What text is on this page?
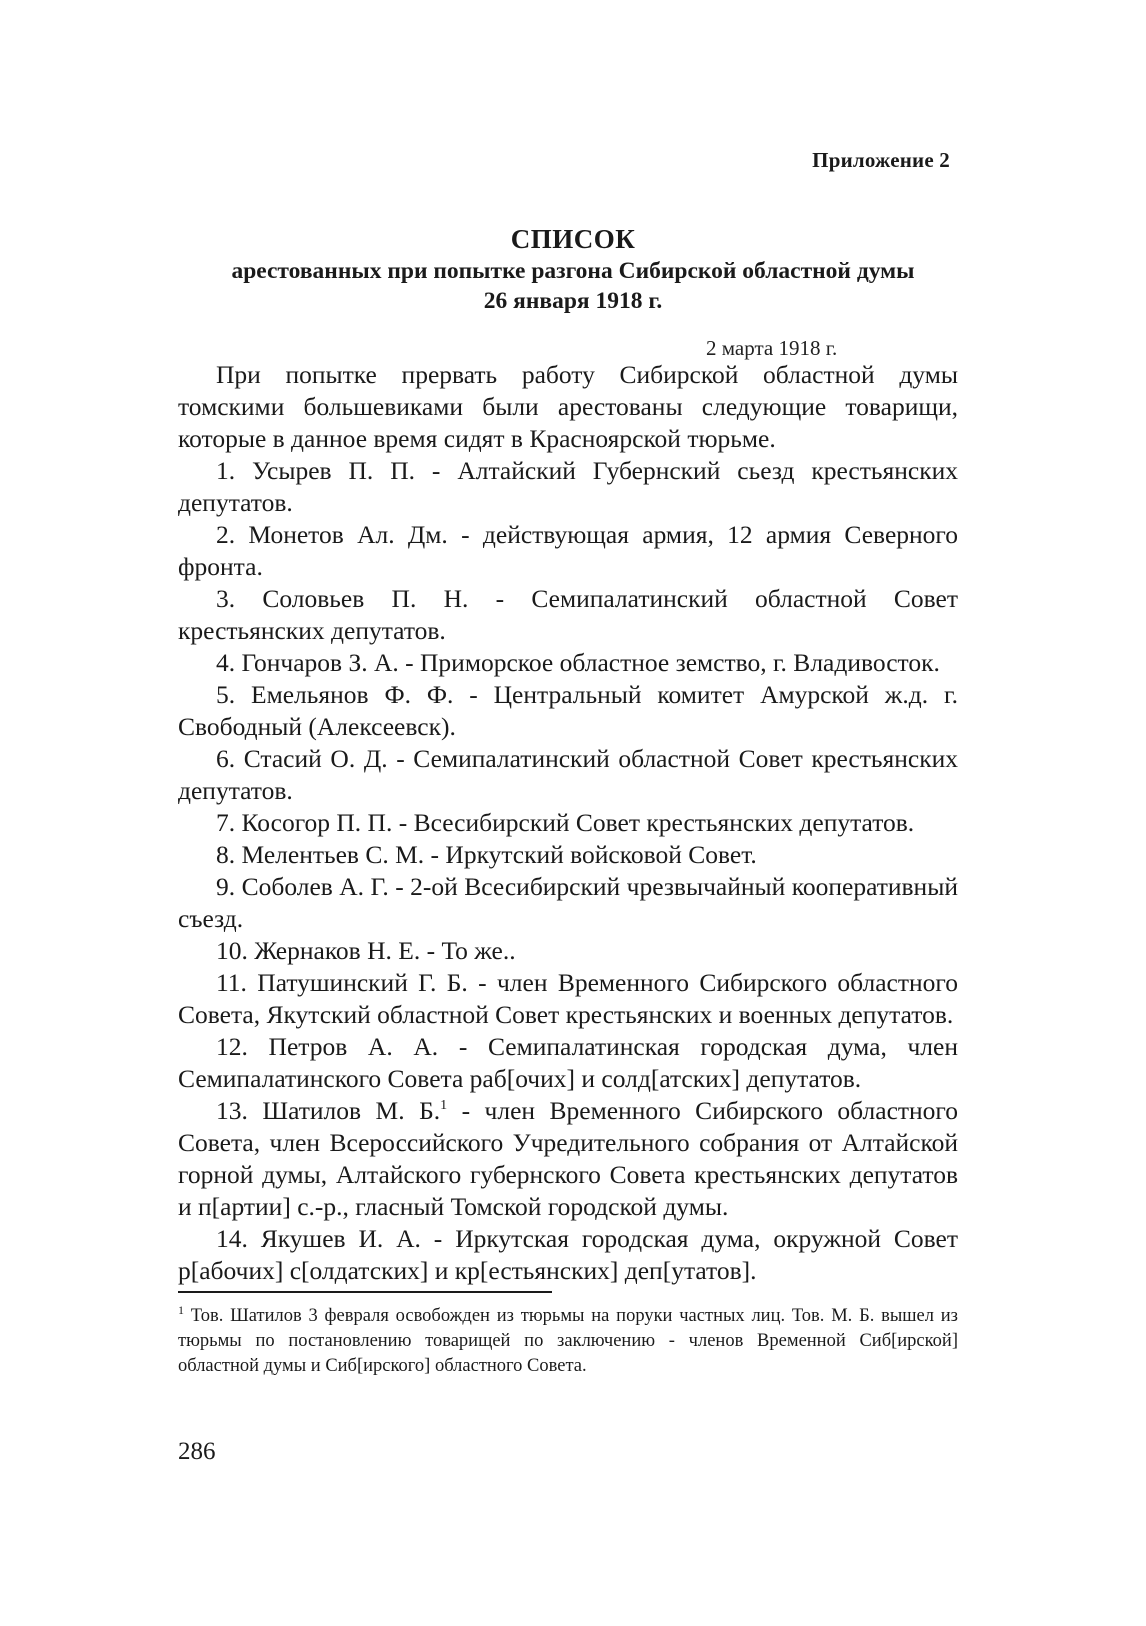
Приложение 2
СПИСОК
арестованных при попытке разгона Сибирской областной думы
26 января 1918 г.
2 марта 1918 г.

При попытке прервать работу Сибирской областной думы томскими большевиками были арестованы следующие товарищи, которые в данное время сидят в Красноярской тюрьме.

1. Усырев П. П. - Алтайский Губернский сьезд крестьянских депутатов.

2. Монетов Ал. Дм. - действующая армия, 12 армия Северного фронта.

3. Соловьев П. Н. - Семипалатинский областной Совет крестьянских депутатов.

4. Гончаров З. А. - Приморское областное земство, г. Владивосток.

5. Емельянов Ф. Ф. - Центральный комитет Амурской ж.д. г. Свободный (Алексеевск).

6. Стасий О. Д. - Семипалатинский областной Совет крестьянских депутатов.

7. Косогор П. П. - Всесибирский Совет крестьянских депутатов.

8. Мелентьев С. М. - Иркутский войсковой Совет.

9. Соболев А. Г. - 2-ой Всесибирский чрезвычайный кооперативный съезд.

10. Жернаков Н. Е. - То же..

11. Патушинский Г. Б. - член Временного Сибирского областного Совета, Якутский областной Совет крестьянских и военных депутатов.

12. Петров А. А. - Семипалатинская городская дума, член Семипалатинского Совета раб[очих] и солд[атских] депутатов.

13. Шатилов М. Б.$^1$ - член Временного Сибирского областного Совета, член Всероссийского Учредительного собрания от Алтайской горной думы, Алтайского губернского Совета крестьянских депутатов и п[артии] с.-р., гласный Томской городской думы.

14. Якушев И. А. - Иркутская городская дума, окружной Совет р[абочих] с[олдатских] и кр[естьянских] деп[утатов].

$^1$ Тов. Шатилов 3 февраля освобожден из тюрьмы на поруки частных лиц. Тов. М. Б. вышел из тюрьмы по постановлению товарищей по заключению - членов Временной Сиб[ирской] областной думы и Сиб[ирского] областного Совета.
286
